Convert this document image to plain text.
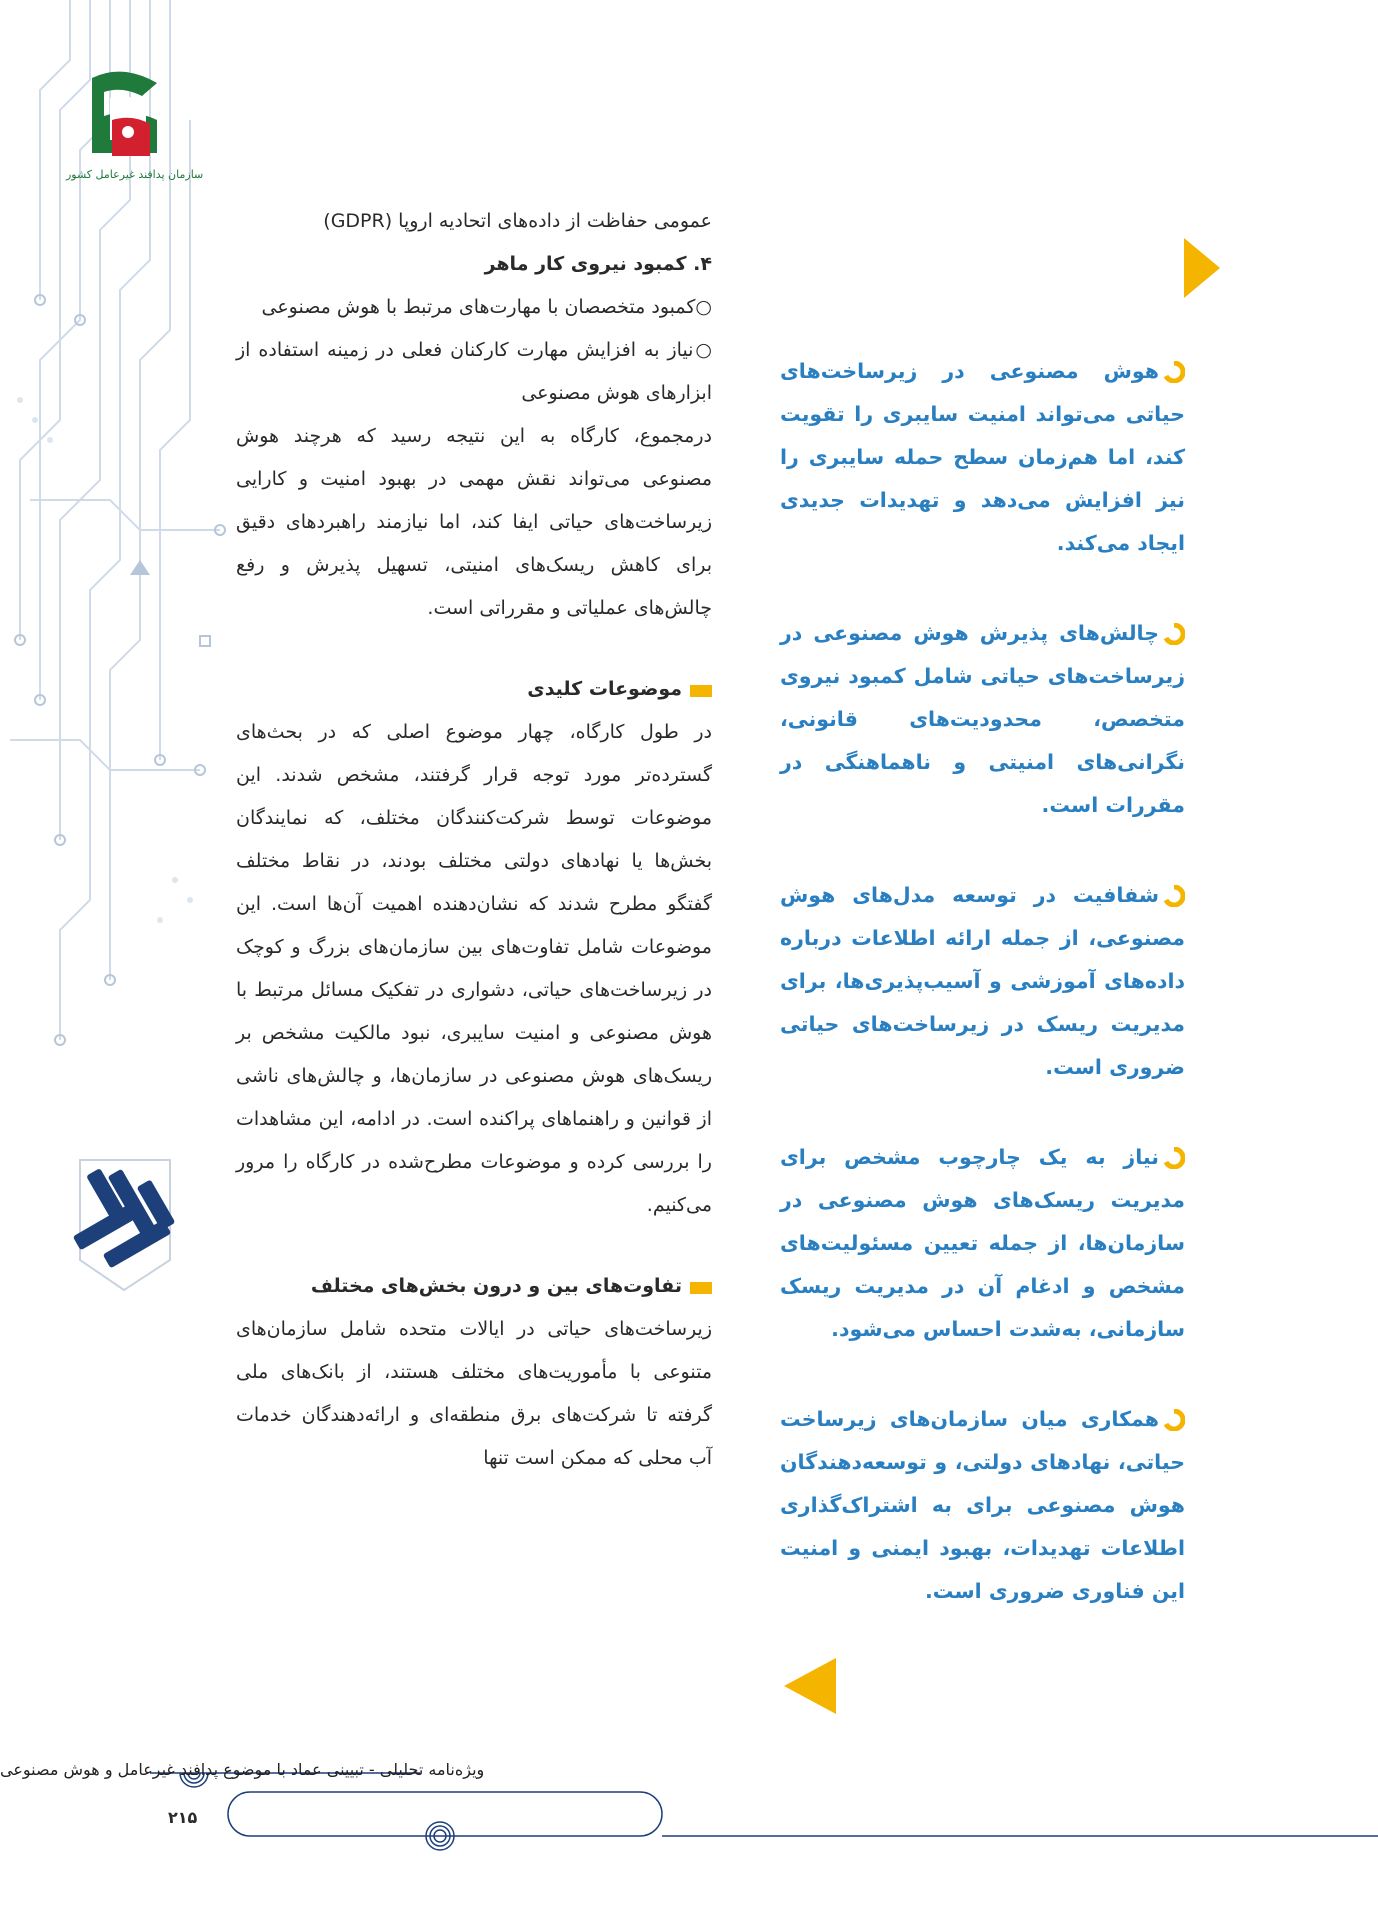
سازمان پدافند غیرعامل کشور

عمومی حفاظت از داده‌های اتحادیه اروپا (GDPR)

۴. کمبود نیروی کار ماهر

○کمبود متخصصان با مهارت‌های مرتبط با هوش مصنوعی

○نیاز به افزایش مهارت کارکنان فعلی در زمینه استفاده از ابزارهای هوش مصنوعی

درمجموع، کارگاه به این نتیجه رسید که هرچند هوش مصنوعی می‌تواند نقش مهمی در بهبود امنیت و کارایی زیرساخت‌های حیاتی ایفا کند، اما نیازمند راهبردهای دقیق برای کاهش ریسک‌های امنیتی، تسهیل پذیرش و رفع چالش‌های عملیاتی و مقرراتی است.

موضوعات کلیدی

در طول کارگاه، چهار موضوع اصلی که در بحث‌های گسترده‌تر مورد توجه قرار گرفتند، مشخص شدند. این موضوعات توسط شرکت‌کنندگان مختلف، که نمایندگان بخش‌ها یا نهادهای دولتی مختلف بودند، در نقاط مختلف گفتگو مطرح شدند که نشان‌دهنده اهمیت آن‌ها است. این موضوعات شامل تفاوت‌های بین سازمان‌های بزرگ و کوچک در زیرساخت‌های حیاتی، دشواری در تفکیک مسائل مرتبط با هوش مصنوعی و امنیت سایبری، نبود مالکیت مشخص بر ریسک‌های هوش مصنوعی در سازمان‌ها، و چالش‌های ناشی از قوانین و راهنماهای پراکنده است. در ادامه، این مشاهدات را بررسی کرده و موضوعات مطرح‌شده در کارگاه را مرور می‌کنیم.

تفاوت‌های بین و درون بخش‌های مختلف

زیرساخت‌های حیاتی در ایالات متحده شامل سازمان‌های متنوعی با مأموریت‌های مختلف هستند، از بانک‌های ملی گرفته تا شرکت‌های برق منطقه‌ای و ارائه‌دهندگان خدمات آب محلی که ممکن است تنها

هوش مصنوعی در زیرساخت‌های حیاتی می‌تواند امنیت سایبری را تقویت کند، اما هم‌زمان سطح حمله سایبری را نیز افزایش می‌دهد و تهدیدات جدیدی ایجاد می‌کند.

چالش‌های پذیرش هوش مصنوعی در زیرساخت‌های حیاتی شامل کمبود نیروی متخصص، محدودیت‌های قانونی، نگرانی‌های امنیتی و ناهماهنگی در مقررات است.

شفافیت در توسعه مدل‌های هوش مصنوعی، از جمله ارائه اطلاعات درباره داده‌های آموزشی و آسیب‌پذیری‌ها، برای مدیریت ریسک در زیرساخت‌های حیاتی ضروری است.

نیاز به یک چارچوب مشخص برای مدیریت ریسک‌های هوش مصنوعی در سازمان‌ها، از جمله تعیین مسئولیت‌های مشخص و ادغام آن در مدیریت ریسک سازمانی، به‌شدت احساس می‌شود.

همکاری میان سازمان‌های زیرساخت حیاتی، نهادهای دولتی، و توسعه‌دهندگان هوش مصنوعی برای به اشتراک‌گذاری اطلاعات تهدیدات، بهبود ایمنی و امنیت این فناوری ضروری است.

ویژه‌نامه تحلیلی - تبیینی عماد با موضوع پدافند غیرعامل و هوش مصنوعی
۲۱۵
